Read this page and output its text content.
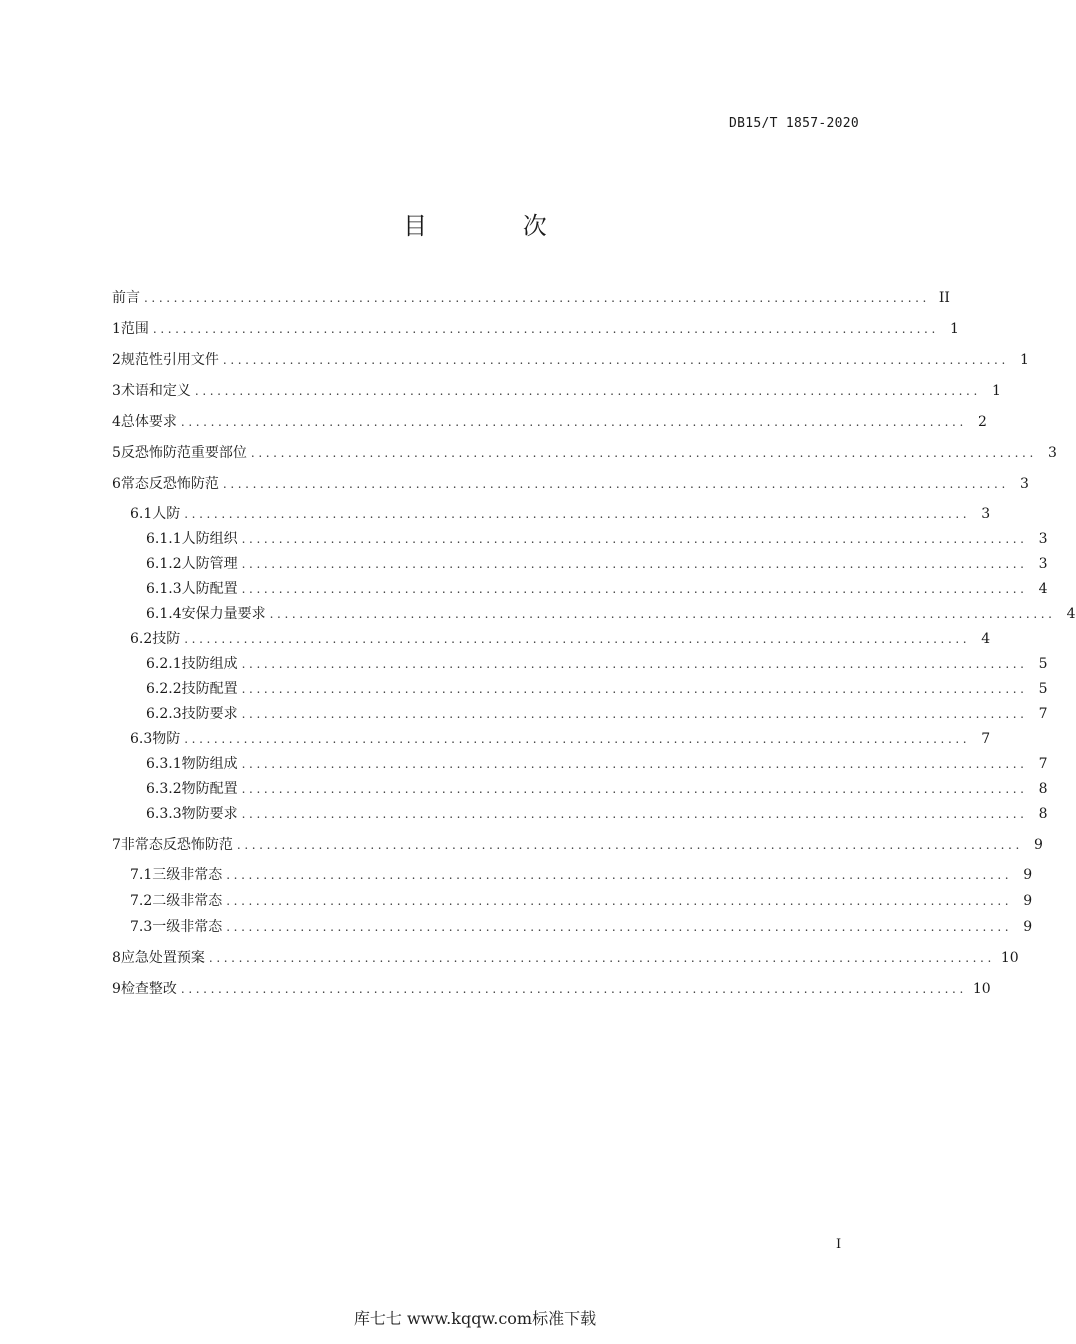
DB15/T 1857-2020
目 次
前言 .......................................................................................................... II
1 范围 .......................................................................................................... 1
2 规范性引用文件 .......................................................................................................... 1
3 术语和定义 .......................................................................................................... 1
4 总体要求 .......................................................................................................... 2
5 反恐怖防范重要部位 .......................................................................................................... 3
6 常态反恐怖防范 .......................................................................................................... 3
6.1 人防 .......................................................................................................... 3
6.1.1 人防组织 .......................................................................................................... 3
6.1.2 人防管理 .......................................................................................................... 3
6.1.3 人防配置 .......................................................................................................... 4
6.1.4 安保力量要求 .......................................................................................................... 4
6.2 技防 .......................................................................................................... 4
6.2.1 技防组成 .......................................................................................................... 5
6.2.2 技防配置 .......................................................................................................... 5
6.2.3 技防要求 .......................................................................................................... 7
6.3 物防 .......................................................................................................... 7
6.3.1 物防组成 .......................................................................................................... 7
6.3.2 物防配置 .......................................................................................................... 8
6.3.3 物防要求 .......................................................................................................... 8
7 非常态反恐怖防范 .......................................................................................................... 9
7.1 三级非常态 .......................................................................................................... 9
7.2 二级非常态 .......................................................................................................... 9
7.3 一级非常态 .......................................................................................................... 9
8 应急处置预案 .......................................................................................................... 10
9 检查整改 .......................................................................................................... 10
I
库七七 www.kqqw.com标准下载
